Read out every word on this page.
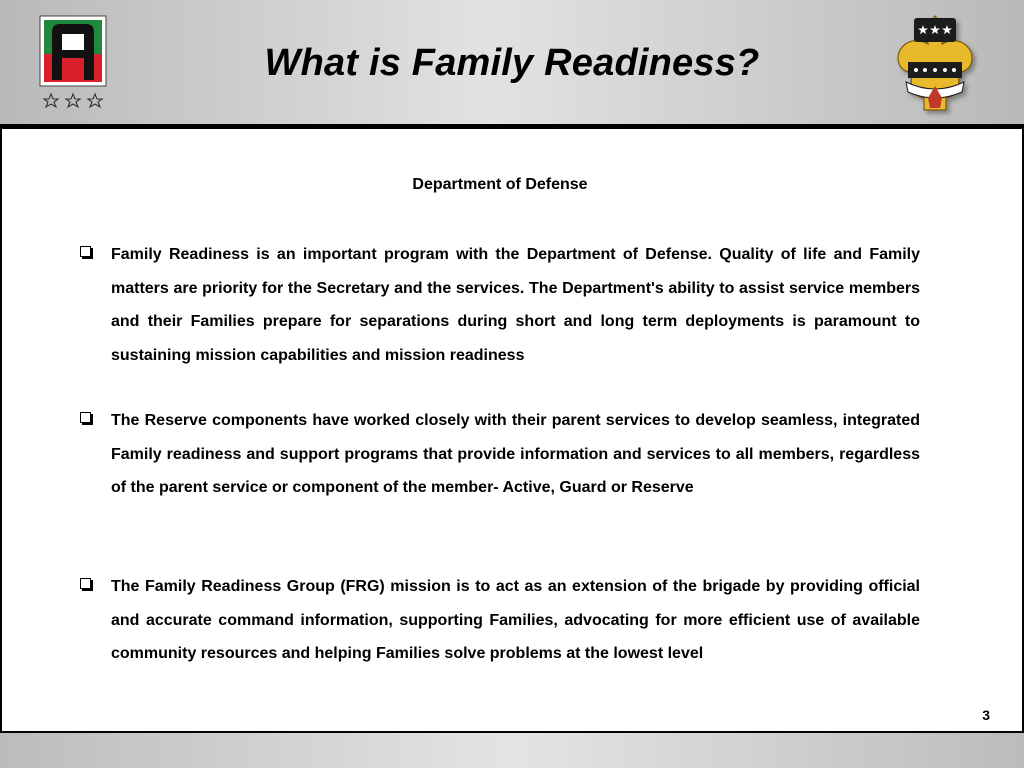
What is Family Readiness?
Department of Defense
Family Readiness is an important program with the Department of Defense. Quality of life and Family matters are priority for the Secretary and the services. The Department's ability to assist service members and their Families prepare for separations during short and long term deployments is paramount to sustaining mission capabilities and mission readiness
The Reserve components have worked closely with their parent services to develop seamless, integrated Family readiness and support programs that provide information and services to all members, regardless of the parent service or component of the member- Active, Guard or Reserve
The Family Readiness Group (FRG) mission is to act as an extension of the brigade by providing official and accurate command information, supporting Families, advocating for more efficient use of available community resources and helping Families solve problems at the lowest level
3
